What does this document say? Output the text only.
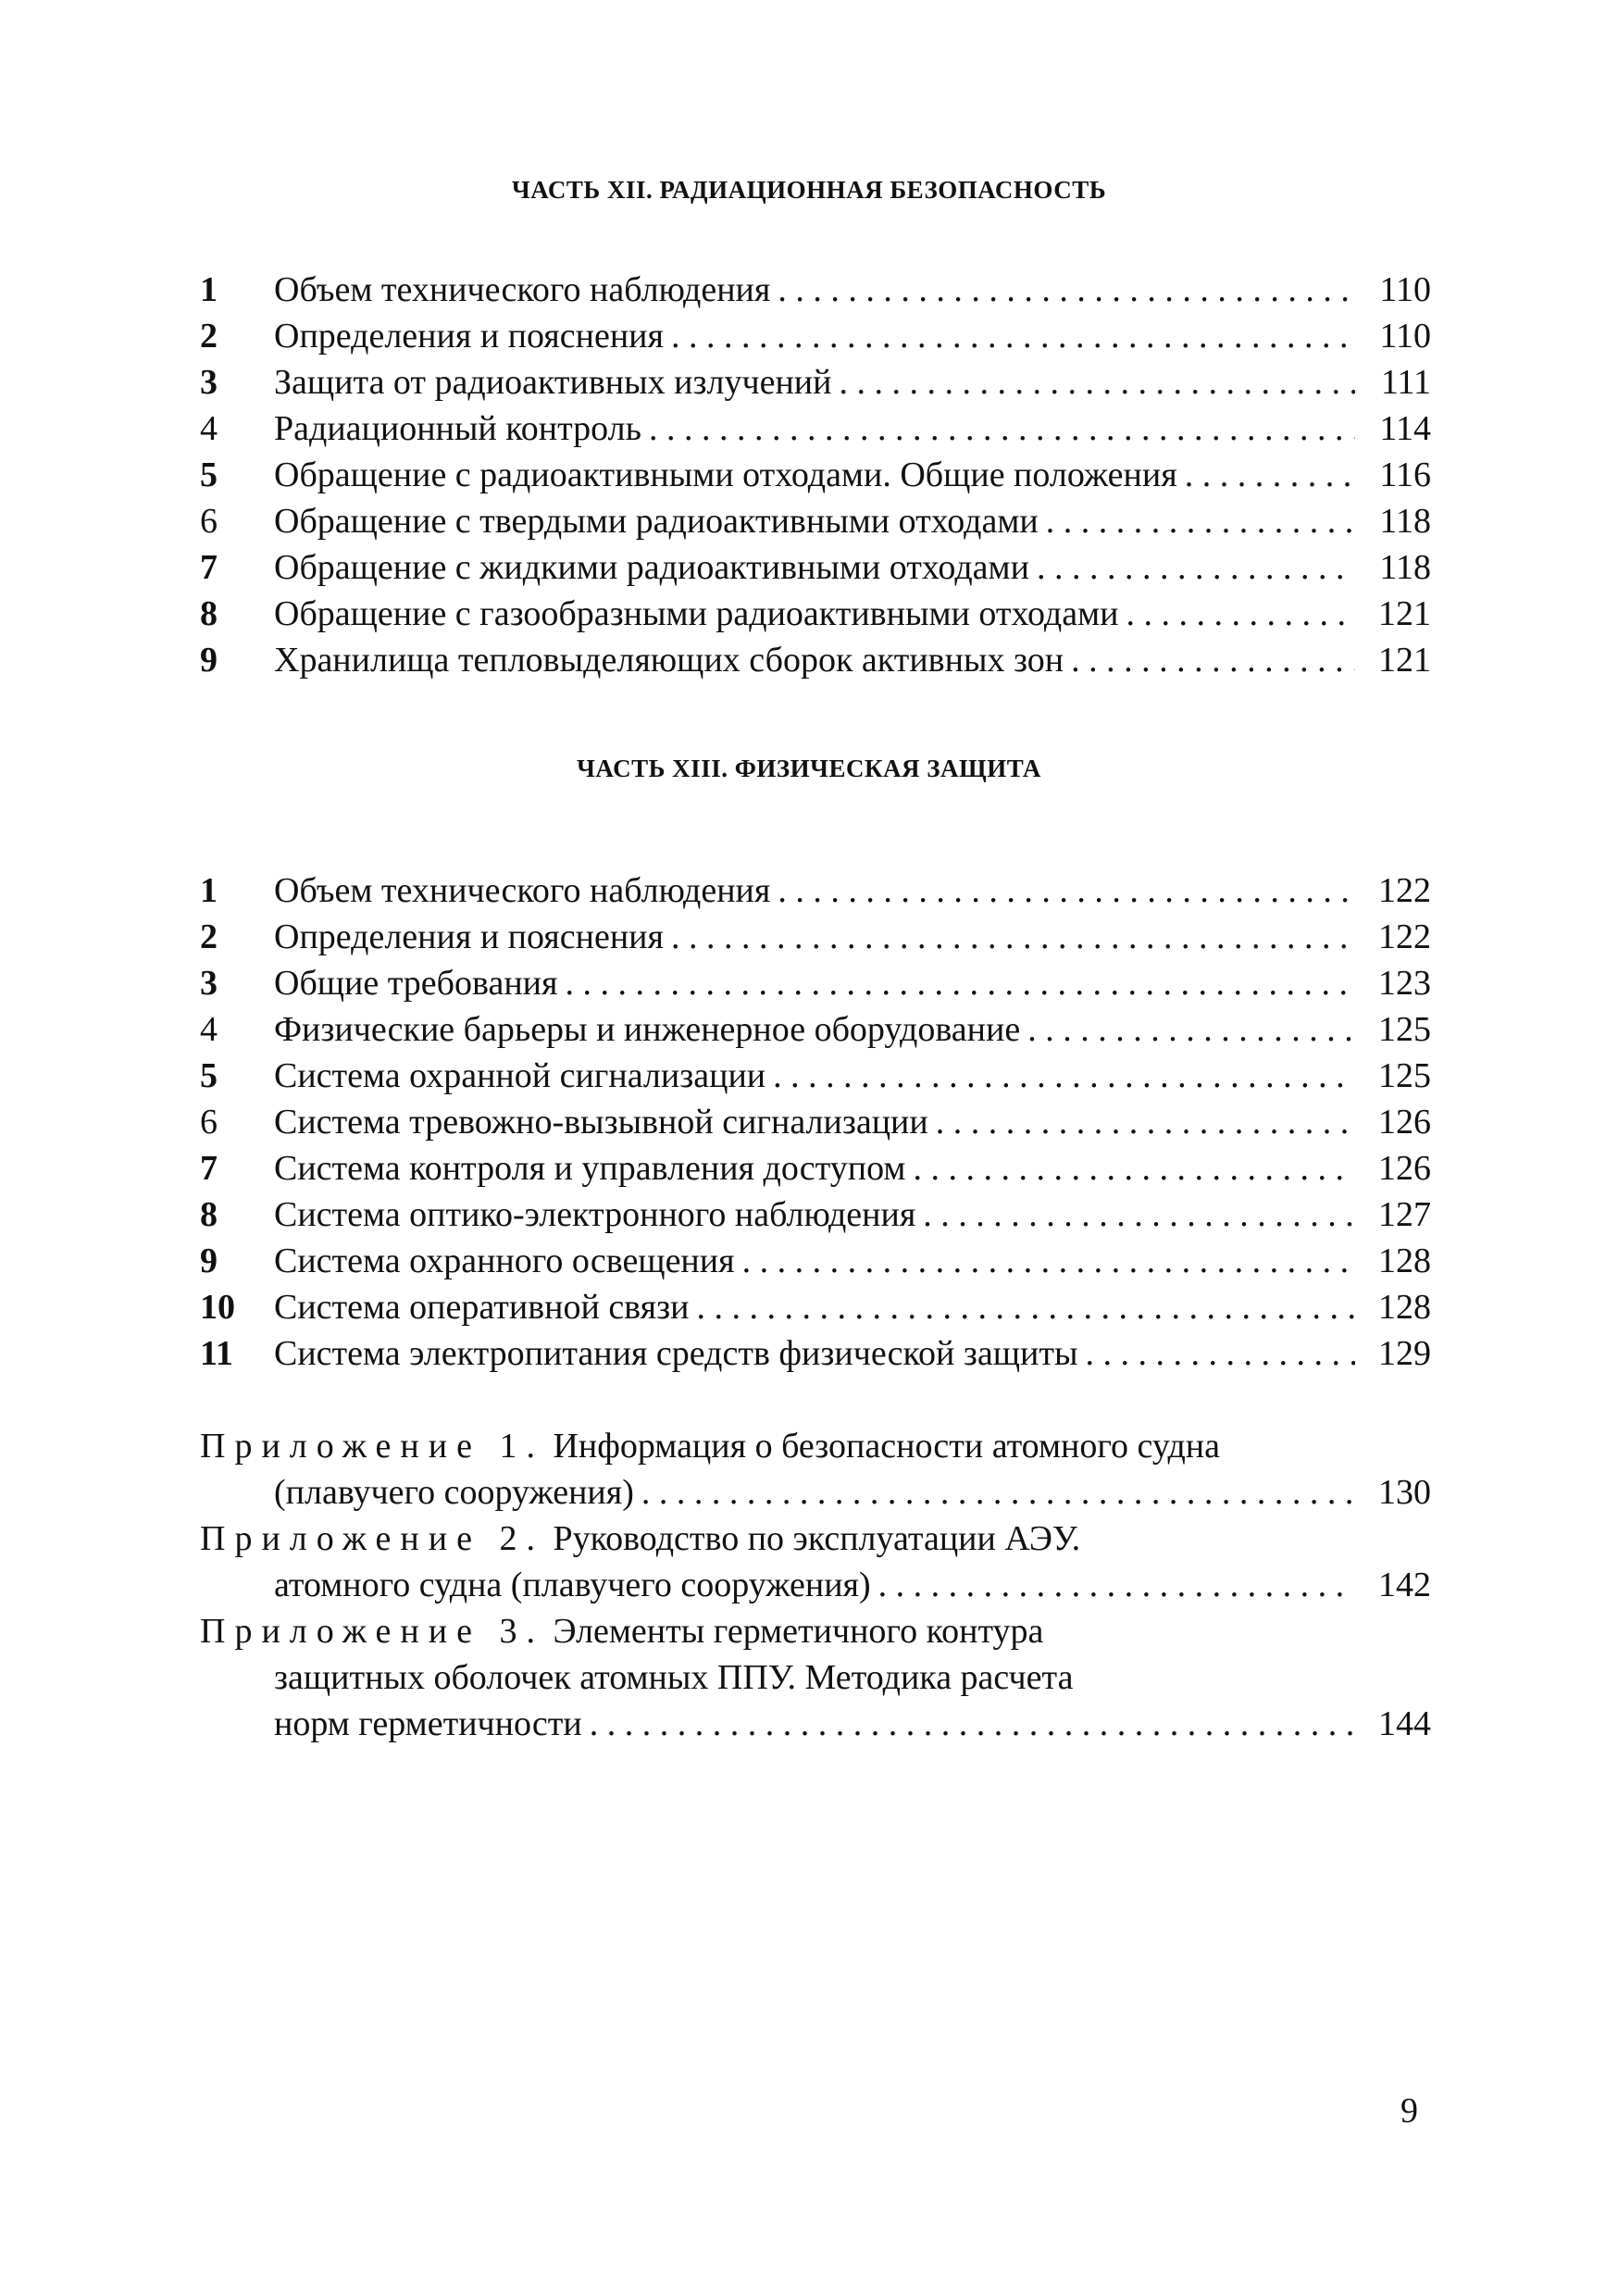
ЧАСТЬ XII. РАДИАЦИОННАЯ БЕЗОПАСНОСТЬ
1	Объем технического наблюдения . . .	110
2	Определения и пояснения . . .	110
3	Защита от радиоактивных излучений . . .	111
4	Радиационный контроль . . .	114
5	Обращение с радиоактивными отходами. Общие положения . . .	116
6	Обращение с твердыми радиоактивными отходами . . .	118
7	Обращение с жидкими радиоактивными отходами . . .	118
8	Обращение с газообразными радиоактивными отходами . . .	121
9	Хранилища тепловыделяющих сборок активных зон . . .	121
ЧАСТЬ XIII. ФИЗИЧЕСКАЯ ЗАЩИТА
1	Объем технического наблюдения . . .	122
2	Определения и пояснения . . .	122
3	Общие требования . . .	123
4	Физические барьеры и инженерное оборудование . . .	125
5	Система охранной сигнализации . . .	125
6	Система тревожно-вызывной сигнализации . . .	126
7	Система контроля и управления доступом . . .	126
8	Система оптико-электронного наблюдения . . .	127
9	Система охранного освещения . . .	128
10	Система оперативной связи . . .	128
11	Система электропитания средств физической защиты . . .	129
Приложение 1.
Информация о безопасности атомного судна
(плавучего сооружения) . . .	130
Приложение 2.
Руководство по эксплуатации АЭУ.
атомного судна (плавучего сооружения) . . .	142
Приложение 3.
Элементы герметичного контура
защитных оболочек атомных ППУ. Методика расчета
норм герметичности . . .	144
9
